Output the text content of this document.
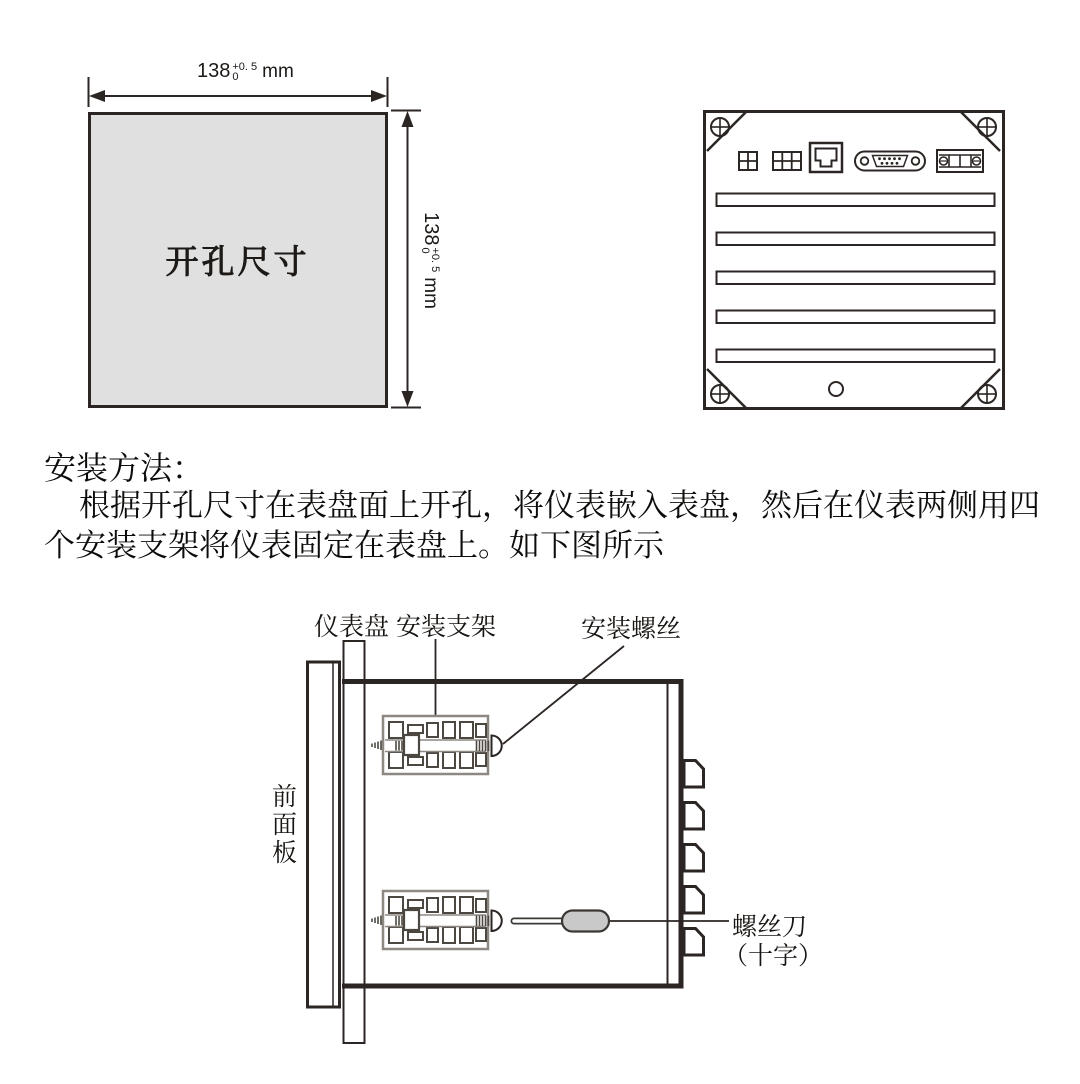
开孔尺寸
138 +0. 5
0	mm
138
+0. 5
0
mm
安装方法：
根据开孔尺寸在表盘面上开孔，将仪表嵌入表盘，然后在仪表两侧用四
个安装支架将仪表固定在表盘上。如下图所示
仪表盘 安装支架	安装螺丝
前面板
螺丝刀
（十字）
